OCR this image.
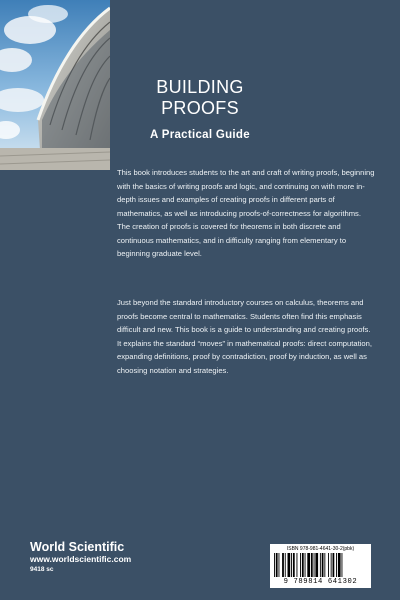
BUILDING
PROOFS

A Practical Guide

This book introduces students to the art and craft of writing proofs, beginning with the basics of writing proofs and logic, and continuing on with more in-depth issues and examples of creating proofs in different parts of mathematics, as well as introducing proofs-of-correctness for algorithms. The creation of proofs is covered for theorems in both discrete and continuous mathematics, and in difficulty ranging from elementary to beginning graduate level.

Just beyond the standard introductory courses on calculus, theorems and proofs become central to mathematics. Students often find this emphasis difficult and new. This book is a guide to understanding and creating proofs. It explains the standard “moves” in mathematical proofs: direct computation, expanding definitions, proof by contradiction, proof by induction, as well as choosing notation and strategies.

World Scientific

www.worldscientific.com

9418 sc

ISBN 978-981-4641-30-2(pbk)
9 789814 641302
